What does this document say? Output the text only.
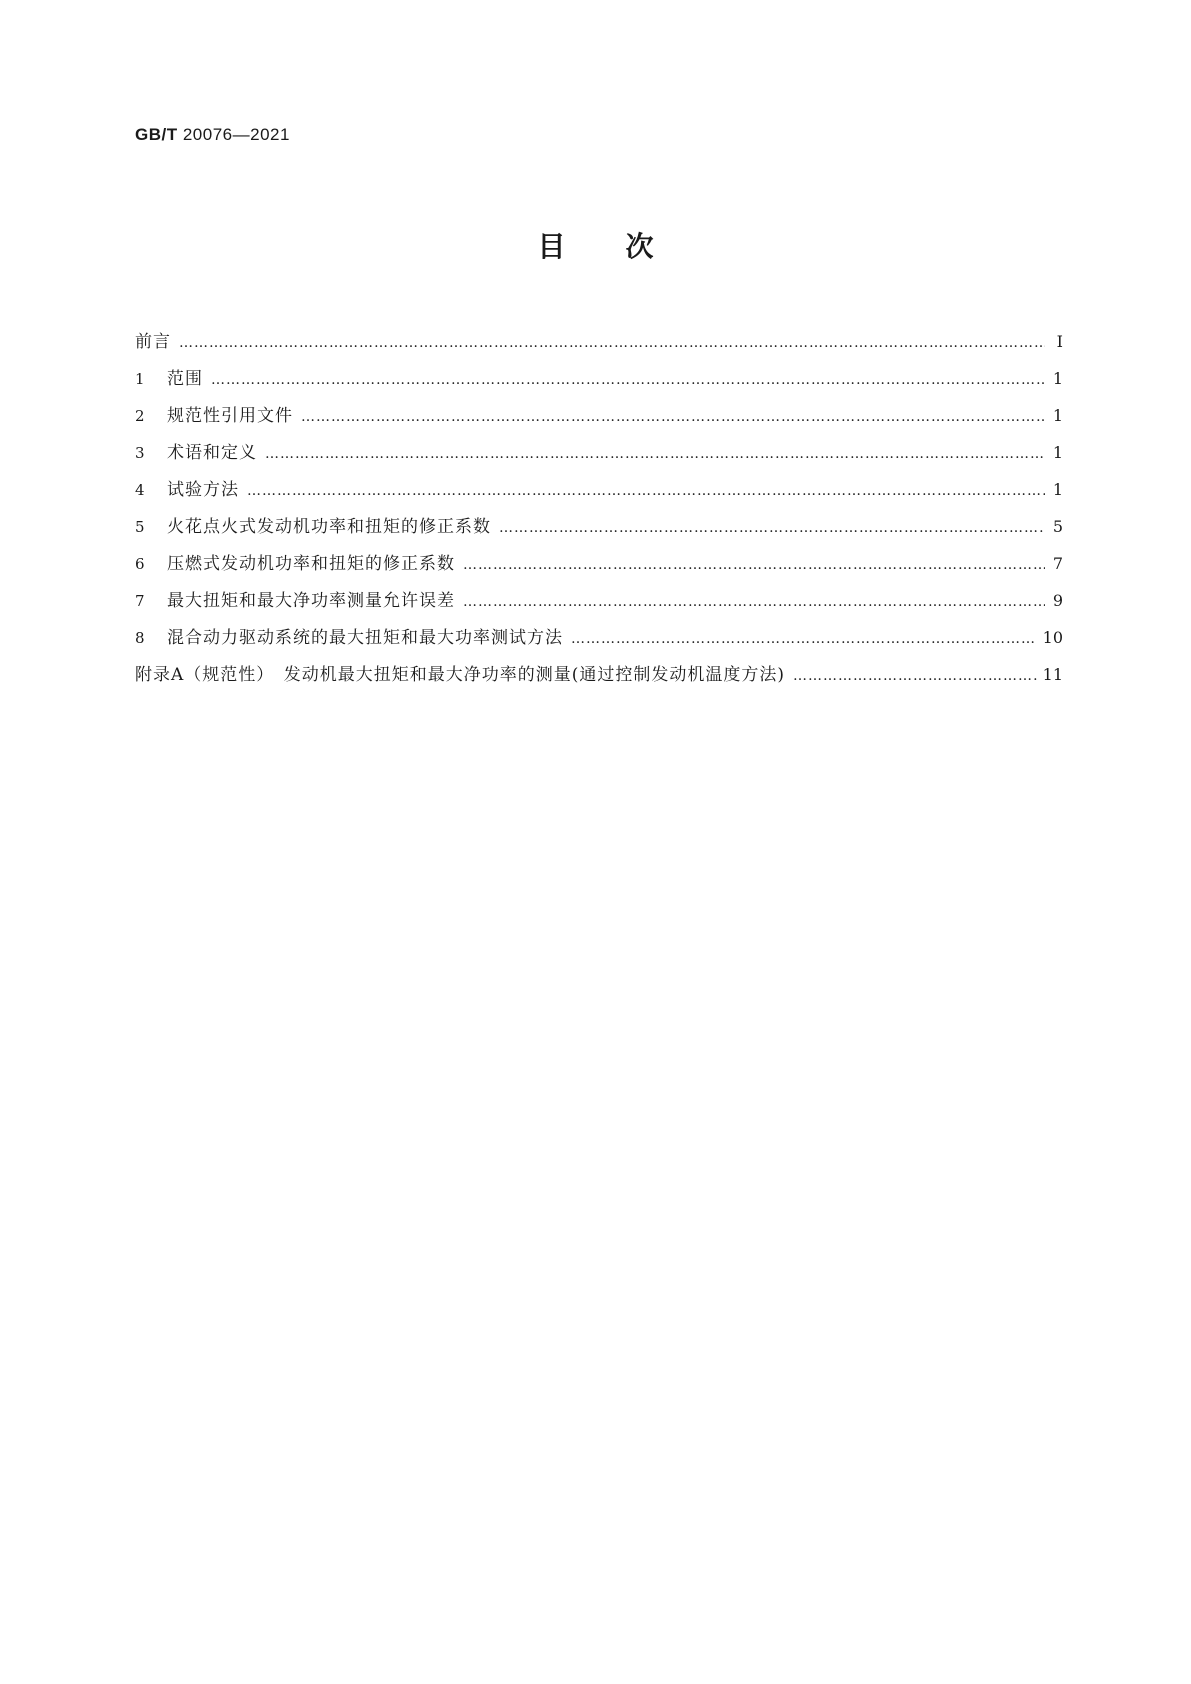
GB/T 20076—2021
目次
前言 …………………………………………………………………………………………………………………………………………………………………………………………………………………………	Ⅰ
1	范围 …………………………………………………………………………………………………………………………………………………………………………………………………………………………	1
2	规范性引用文件 …………………………………………………………………………………………………………………………………………………………………………………………………………………………	1
3	术语和定义 …………………………………………………………………………………………………………………………………………………………………………………………………………………………	1
4	试验方法 …………………………………………………………………………………………………………………………………………………………………………………………………………………………	1
5	火花点火式发动机功率和扭矩的修正系数 …………………………………………………………………………………………………………………………………………………………………………………………………………………………	5
6	压燃式发动机功率和扭矩的修正系数 …………………………………………………………………………………………………………………………………………………………………………………………………………………………	7
7	最大扭矩和最大净功率测量允许误差 …………………………………………………………………………………………………………………………………………………………………………………………………………………………	9
8	混合动力驱动系统的最大扭矩和最大功率测试方法 …………………………………………………………………………………………………………………………………………………………………………………………………………………………	10
附录A（规范性）　发动机最大扭矩和最大净功率的测量(通过控制发动机温度方法) …………………………………………………………………………………………………………………………………………………………………………………………………………………………	11
